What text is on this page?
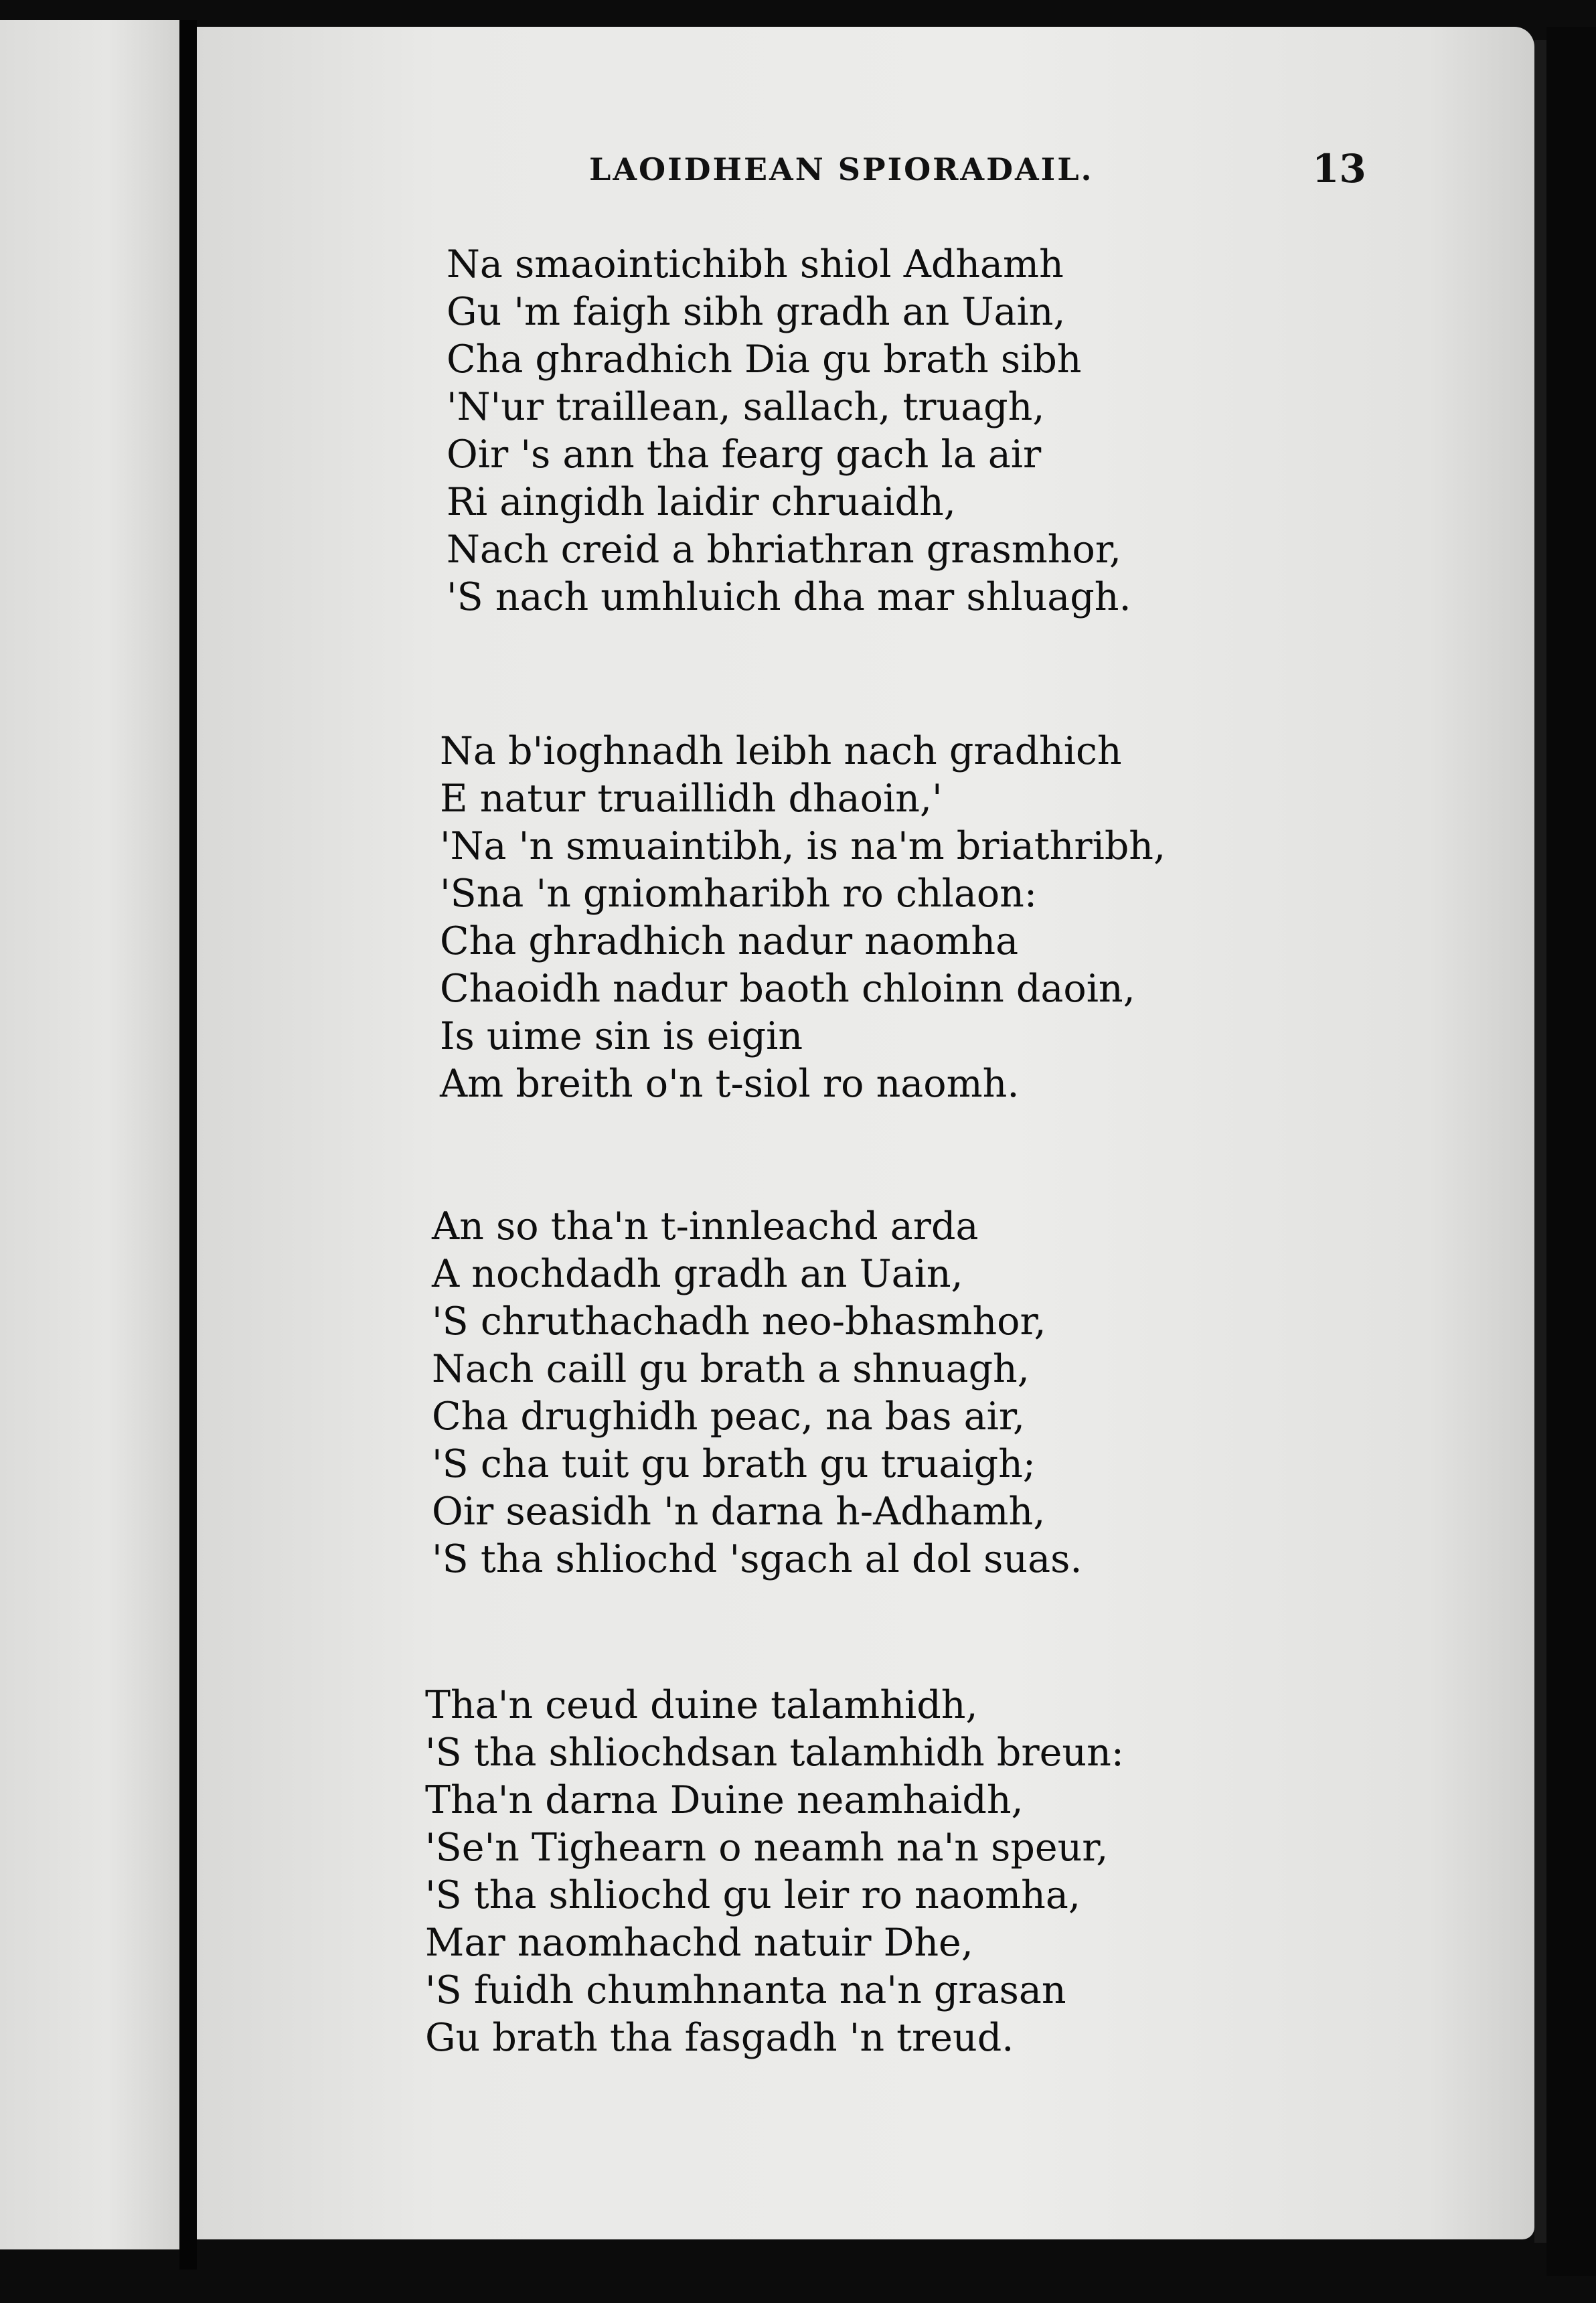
LAOIDHEAN SPIORADAIL.	13
Na smaointichibh shiol Adhamh
Gu 'm faigh sibh gradh an Uain,
Cha ghradhich Dia gu brath sibh
'N'ur traillean, sallach, truagh,
Oir 's ann tha fearg gach la air
Ri aingidh laidir chruaidh,
Nach creid a bhriathran grasmhor,
'S nach umhluich dha mar shluagh.
Na b'ioghnadh leibh nach gradhich
E natur truaillidh dhaoin,'
'Na 'n smuaintibh, is na'm briathribh,
'Sna 'n gniomharibh ro chlaon:
Cha ghradhich nadur naomha
Chaoidh nadur baoth chloinn daoin,
Is uime sin is eigin
Am breith o'n t-siol ro naomh.
An so tha'n t-innleachd arda
A nochdadh gradh an Uain,
'S chruthachadh neo-bhasmhor,
Nach caill gu brath a shnuagh,
Cha drughidh peac, na bas air,
'S cha tuit gu brath gu truaigh;
Oir seasidh 'n darna h-Adhamh,
'S tha shliochd 'sgach al dol suas.
Tha'n ceud duine talamhidh,
'S tha shliochdsan talamhidh breun:
Tha'n darna Duine neamhaidh,
'Se'n Tighearn o neamh na'n speur,
'S tha shliochd gu leir ro naomha,
Mar naomhachd natuir Dhe,
'S fuidh chumhnanta na'n grasan
Gu brath tha fasgadh 'n treud.
